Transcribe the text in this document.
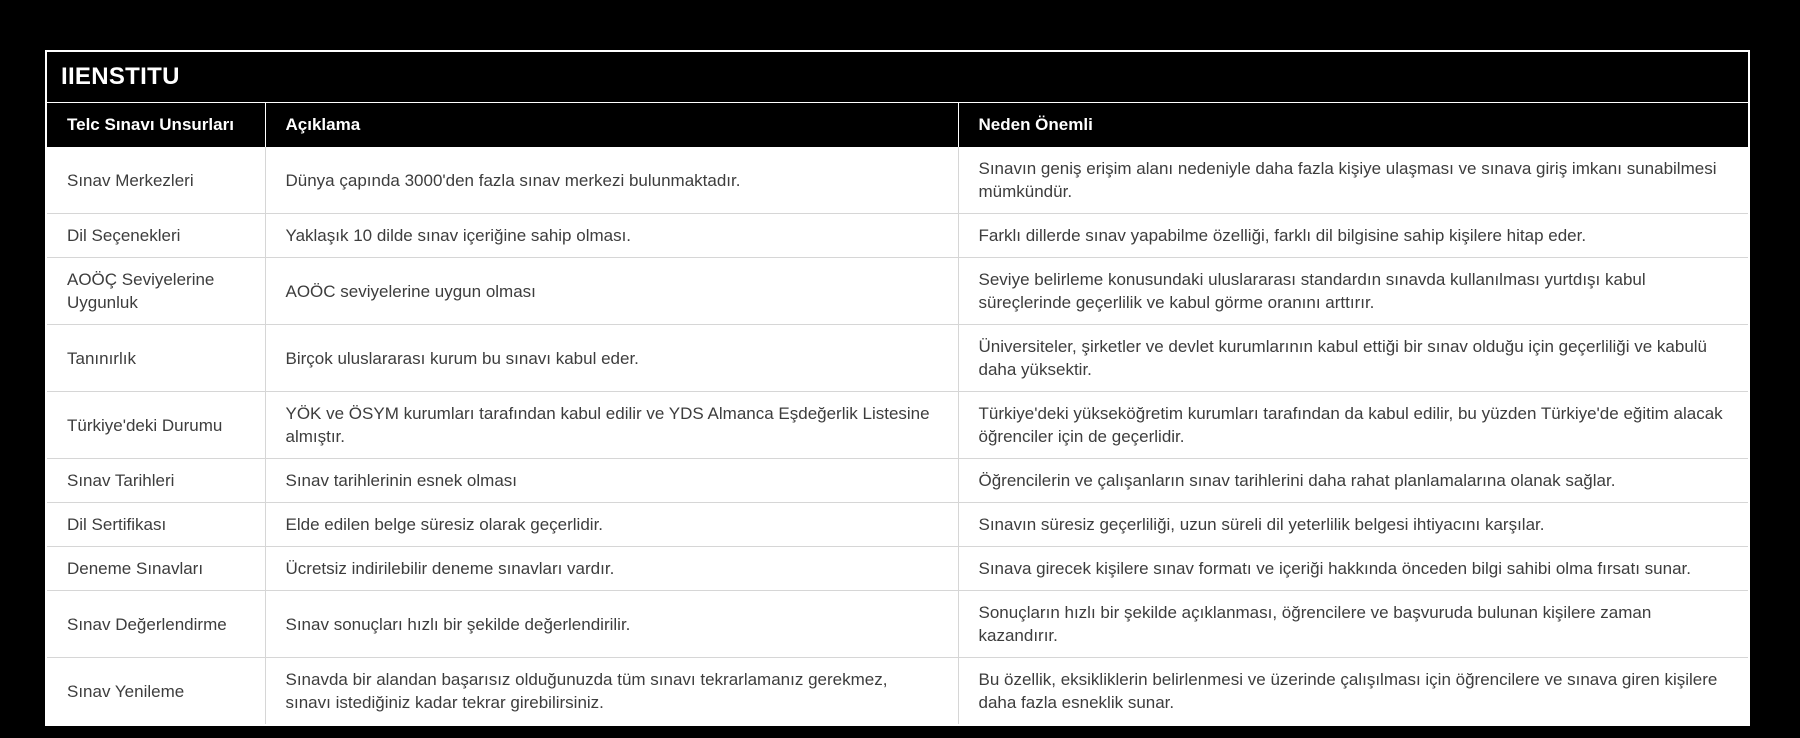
IIENSTITU
Telc Sınavı Unsurları	Açıklama	Neden Önemli
Sınav Merkezleri	Dünya çapında 3000'den fazla sınav merkezi bulunmaktadır.	Sınavın geniş erişim alanı nedeniyle daha fazla kişiye ulaşması ve sınava giriş imkanı sunabilmesi mümkündür.
Dil Seçenekleri	Yaklaşık 10 dilde sınav içeriğine sahip olması.	Farklı dillerde sınav yapabilme özelliği, farklı dil bilgisine sahip kişilere hitap eder.
AOÖÇ Seviyelerine Uygunluk	AOÖC seviyelerine uygun olması	Seviye belirleme konusundaki uluslararası standardın sınavda kullanılması yurtdışı kabul süreçlerinde geçerlilik ve kabul görme oranını arttırır.
Tanınırlık	Birçok uluslararası kurum bu sınavı kabul eder.	Üniversiteler, şirketler ve devlet kurumlarının kabul ettiği bir sınav olduğu için geçerliliği ve kabulü daha yüksektir.
Türkiye'deki Durumu	YÖK ve ÖSYM kurumları tarafından kabul edilir ve YDS Almanca Eşdeğerlik Listesine almıştır.	Türkiye'deki yükseköğretim kurumları tarafından da kabul edilir, bu yüzden Türkiye'de eğitim alacak öğrenciler için de geçerlidir.
Sınav Tarihleri	Sınav tarihlerinin esnek olması	Öğrencilerin ve çalışanların sınav tarihlerini daha rahat planlamalarına olanak sağlar.
Dil Sertifikası	Elde edilen belge süresiz olarak geçerlidir.	Sınavın süresiz geçerliliği, uzun süreli dil yeterlilik belgesi ihtiyacını karşılar.
Deneme Sınavları	Ücretsiz indirilebilir deneme sınavları vardır.	Sınava girecek kişilere sınav formatı ve içeriği hakkında önceden bilgi sahibi olma fırsatı sunar.
Sınav Değerlendirme	Sınav sonuçları hızlı bir şekilde değerlendirilir.	Sonuçların hızlı bir şekilde açıklanması, öğrencilere ve başvuruda bulunan kişilere zaman kazandırır.
Sınav Yenileme	Sınavda bir alandan başarısız olduğunuzda tüm sınavı tekrarlamanız gerekmez, sınavı istediğiniz kadar tekrar girebilirsiniz.	Bu özellik, eksikliklerin belirlenmesi ve üzerinde çalışılması için öğrencilere ve sınava giren kişilere daha fazla esneklik sunar.
